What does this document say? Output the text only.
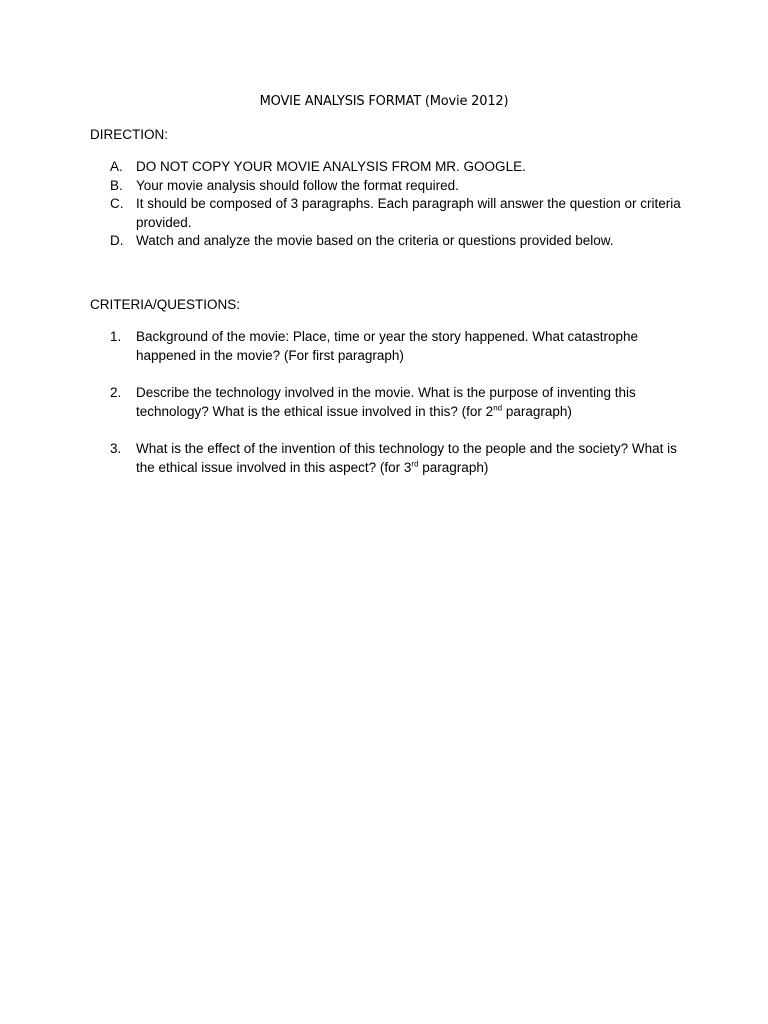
MOVIE ANALYSIS FORMAT (Movie 2012)

DIRECTION:

A. DO NOT COPY YOUR MOVIE ANALYSIS FROM MR. GOOGLE.
B. Your movie analysis should follow the format required.
C. It should be composed of 3 paragraphs. Each paragraph will answer the question or criteria provided.
D. Watch and analyze the movie based on the criteria or questions provided below.

CRITERIA/QUESTIONS:

1.	Background of the movie: Place, time or year the story happened. What catastrophe happened in the movie? (For first paragraph)
2.	Describe the technology involved in the movie. What is the purpose of inventing this technology? What is the ethical issue involved in this? (for 2nd paragraph)
3.	What is the effect of the invention of this technology to the people and the society? What is the ethical issue involved in this aspect? (for 3rd paragraph)
